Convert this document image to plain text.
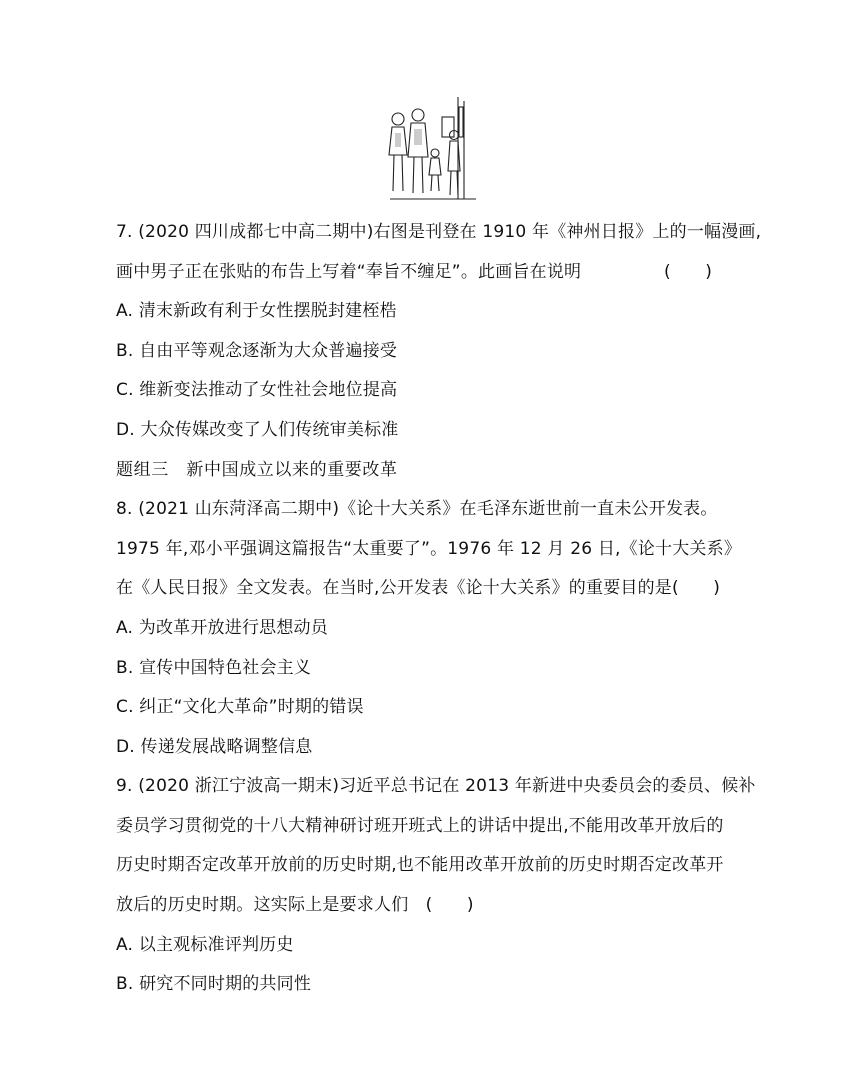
7. (2020 四川成都七中高二期中)右图是刊登在 1910 年《神州日报》上的一幅漫画,
画中男子正在张贴的布告上写着“奉旨不缠足”。此画旨在说明	(　　)
A. 清末新政有利于女性摆脱封建桎梏
B. 自由平等观念逐渐为大众普遍接受
C. 维新变法推动了女性社会地位提高
D. 大众传媒改变了人们传统审美标准
题组三　新中国成立以来的重要改革
8. (2021 山东菏泽高二期中)《论十大关系》在毛泽东逝世前一直未公开发表。
1975 年,邓小平强调这篇报告“太重要了”。1976 年 12 月 26 日,《论十大关系》
在《人民日报》全文发表。在当时,公开发表《论十大关系》的重要目的是(　　)
A. 为改革开放进行思想动员
B. 宣传中国特色社会主义
C. 纠正“文化大革命”时期的错误
D. 传递发展战略调整信息
9. (2020 浙江宁波高一期末)习近平总书记在 2013 年新进中央委员会的委员、候补
委员学习贯彻党的十八大精神研讨班开班式上的讲话中提出,不能用改革开放后的
历史时期否定改革开放前的历史时期,也不能用改革开放前的历史时期否定改革开
放后的历史时期。这实际上是要求人们　(　　)
A. 以主观标准评判历史
B. 研究不同时期的共同性
